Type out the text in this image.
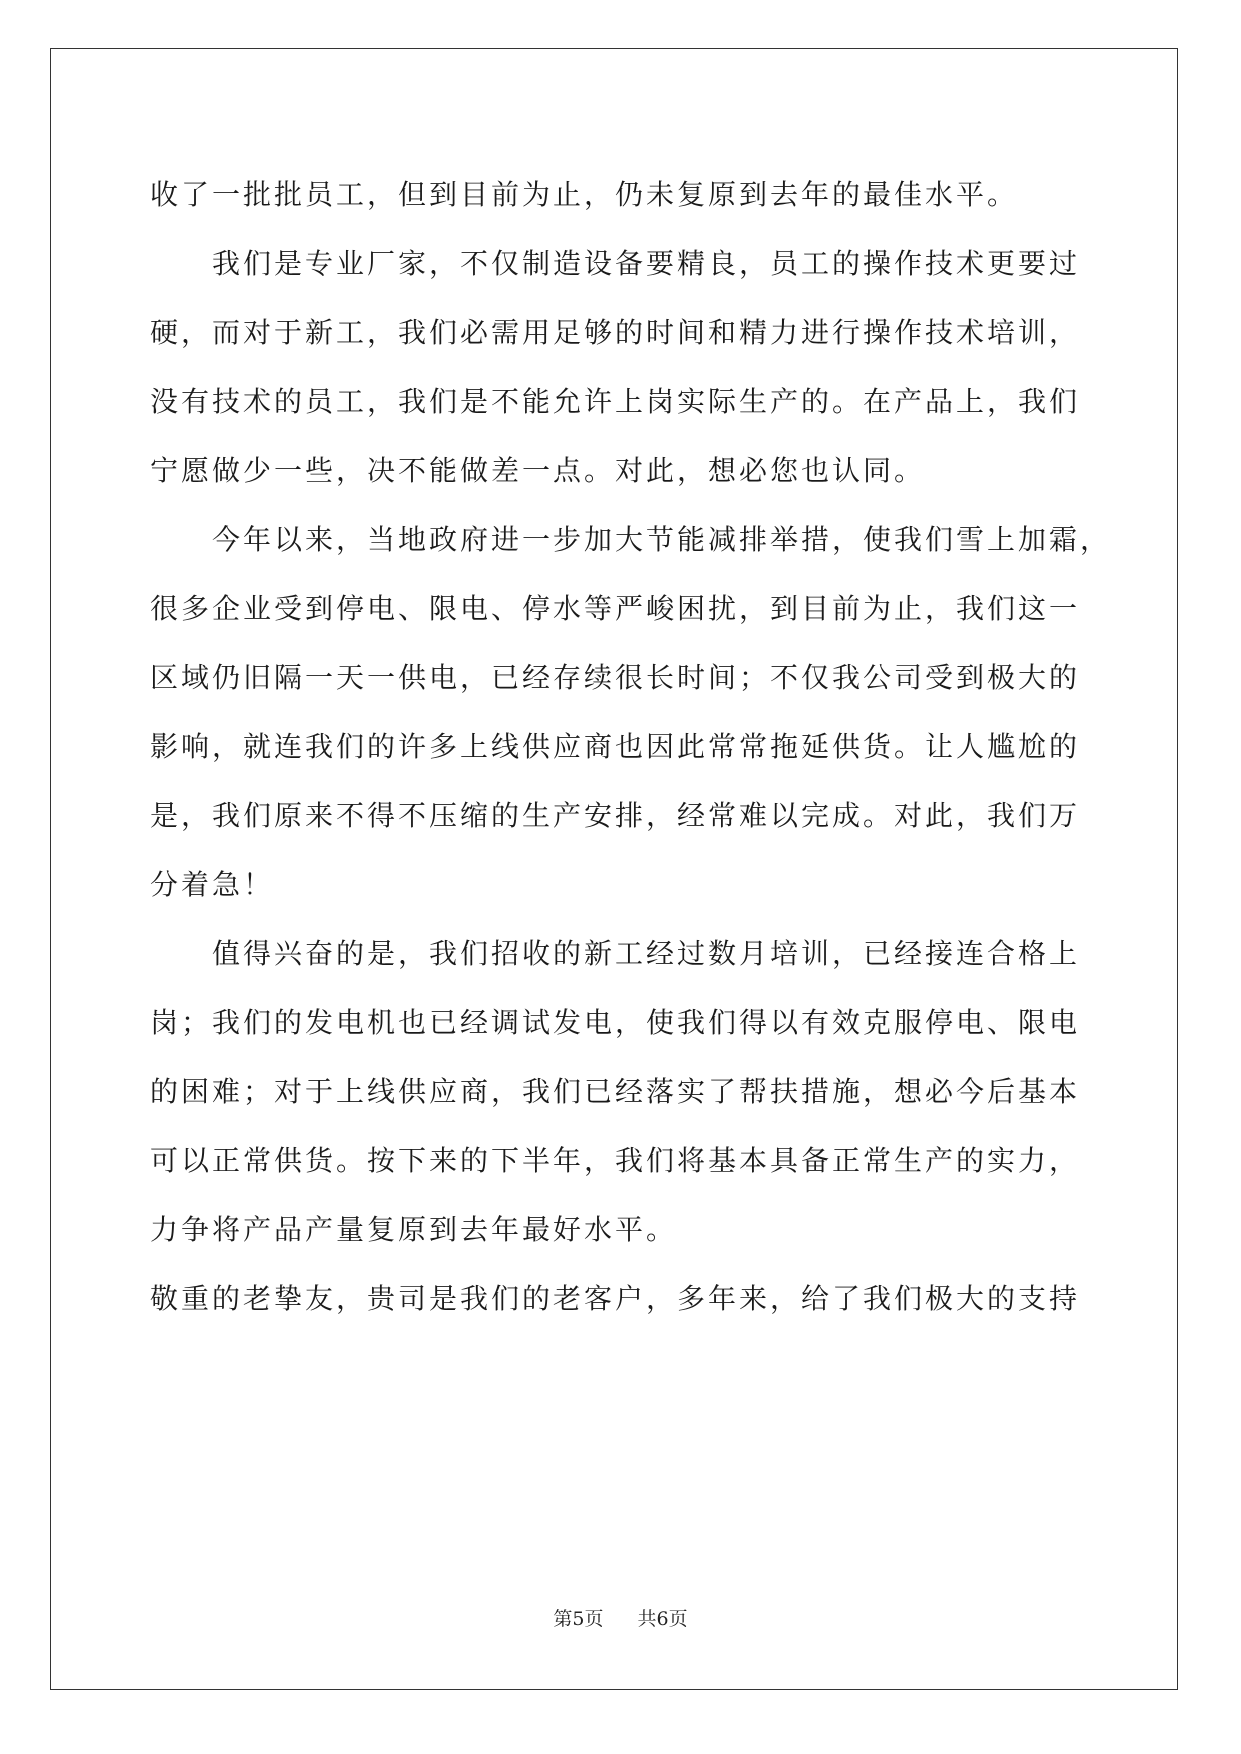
收了一批批员工，但到目前为止，仍未复原到去年的最佳水平。

我们是专业厂家，不仅制造设备要精良，员工的操作技术更要过
硬，而对于新工，我们必需用足够的时间和精力进行操作技术培训，
没有技术的员工，我们是不能允许上岗实际生产的。在产品上，我们
宁愿做少一些，决不能做差一点。对此，想必您也认同。

今年以来，当地政府进一步加大节能减排举措，使我们雪上加霜，
很多企业受到停电、限电、停水等严峻困扰，到目前为止，我们这一
区域仍旧隔一天一供电，已经存续很长时间；不仅我公司受到极大的
影响，就连我们的许多上线供应商也因此常常拖延供货。让人尴尬的
是，我们原来不得不压缩的生产安排，经常难以完成。对此，我们万
分着急！

值得兴奋的是，我们招收的新工经过数月培训，已经接连合格上
岗；我们的发电机也已经调试发电，使我们得以有效克服停电、限电
的困难；对于上线供应商，我们已经落实了帮扶措施，想必今后基本
可以正常供货。按下来的下半年，我们将基本具备正常生产的实力，
力争将产品产量复原到去年最好水平。

敬重的老挚友，贵司是我们的老客户，多年来，给了我们极大的支持

第5页 共6页
